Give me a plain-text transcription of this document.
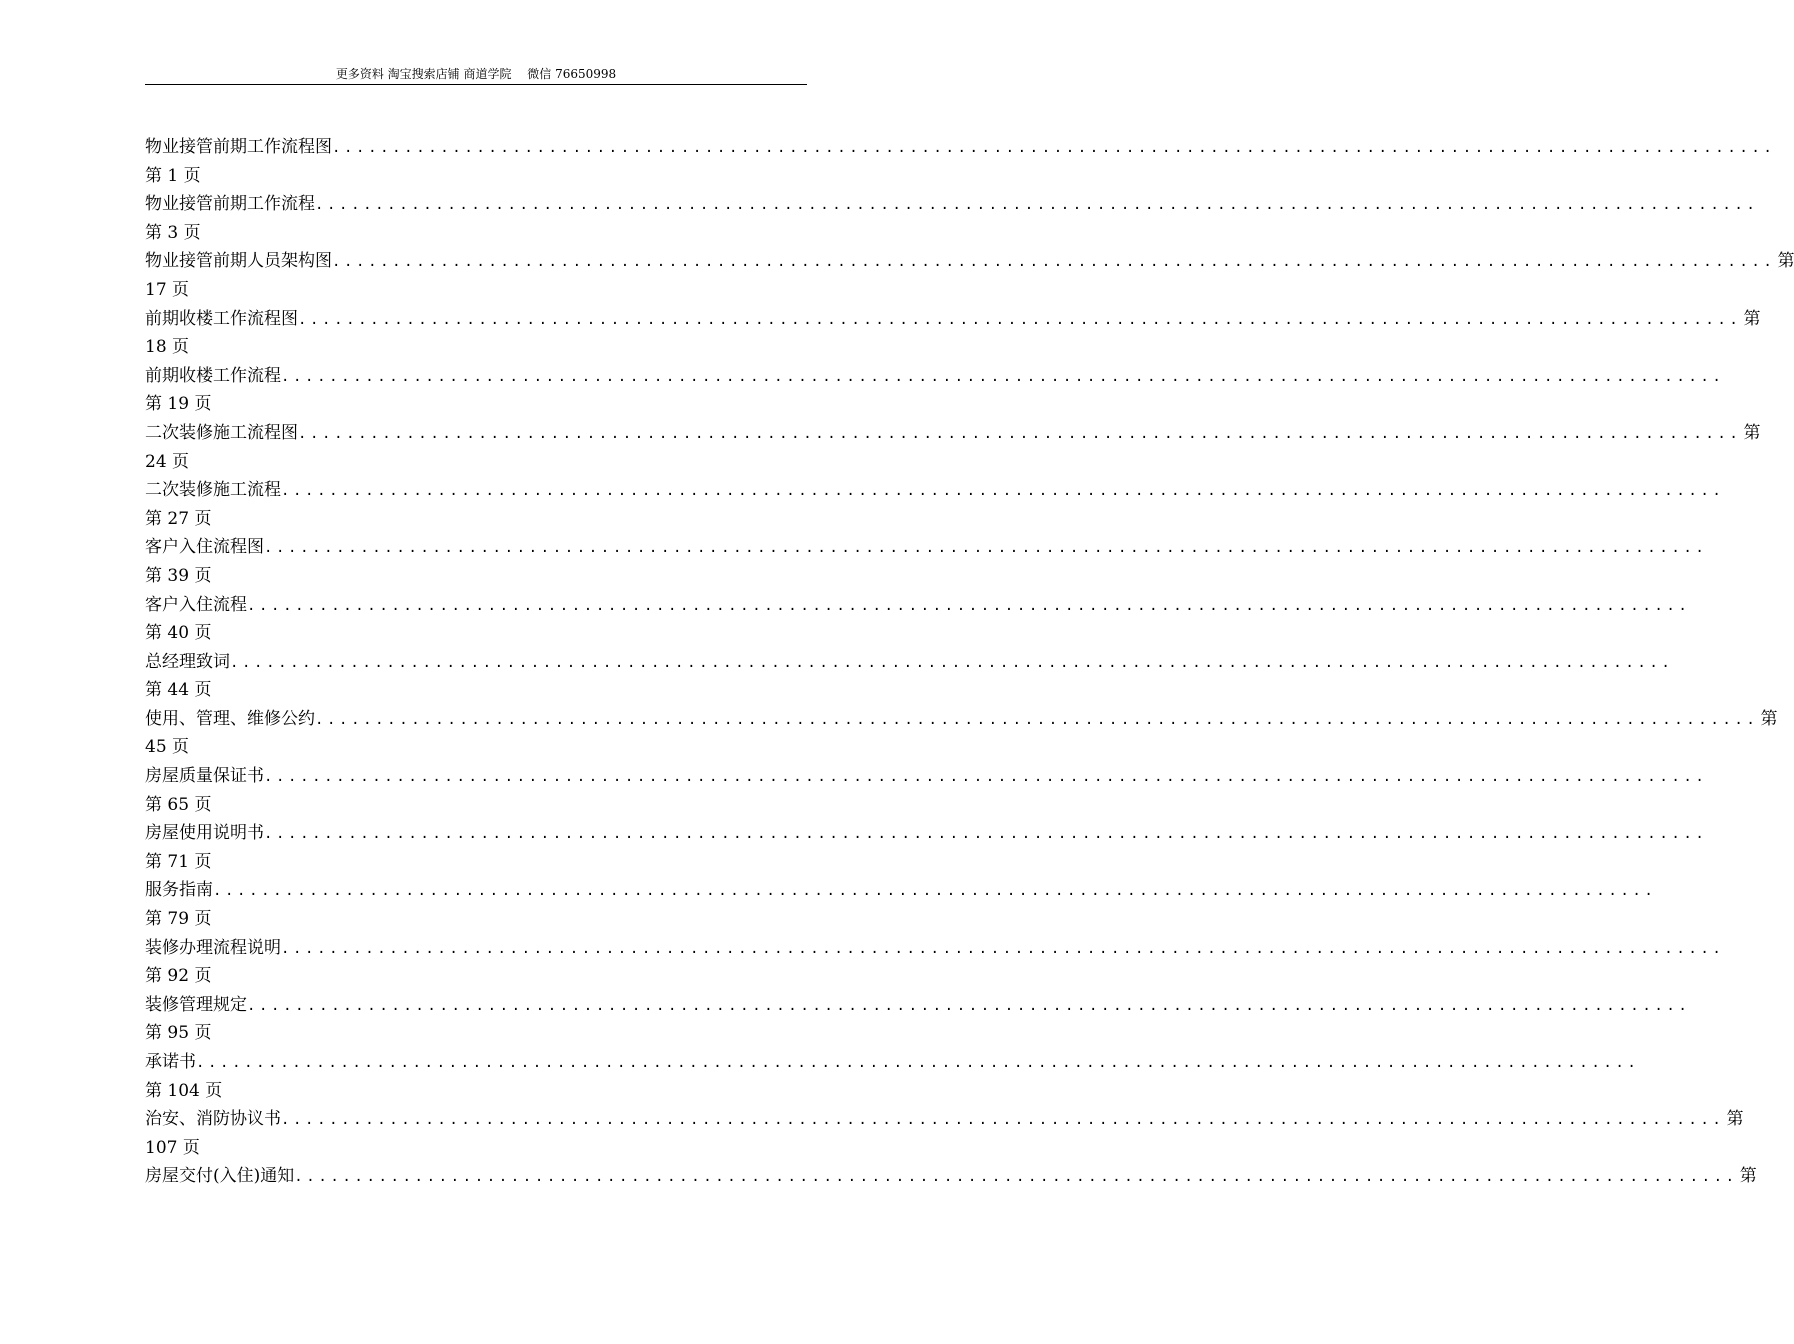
更多资料 淘宝搜索店铺 商道学院　 微信 76650998
物业接管前期工作流程图 ........................................................................................................................
第 1 页
物业接管前期工作流程 ........................................................................................................................
第 3 页
物业接管前期人员架构图 ........................................................................................................................ 第
17 页
前期收楼工作流程图 ........................................................................................................................ 第
18 页
前期收楼工作流程 ........................................................................................................................
第 19 页
二次装修施工流程图 ........................................................................................................................ 第
24 页
二次装修施工流程 ........................................................................................................................
第 27 页
客户入住流程图 ........................................................................................................................
第 39 页
客户入住流程 ........................................................................................................................
第 40 页
总经理致词 ........................................................................................................................
第 44 页
使用、管理、维修公约 ........................................................................................................................ 第
45 页
房屋质量保证书 ........................................................................................................................
第 65 页
房屋使用说明书 ........................................................................................................................
第 71 页
服务指南 ........................................................................................................................
第 79 页
装修办理流程说明 ........................................................................................................................
第 92 页
装修管理规定 ........................................................................................................................
第 95 页
承诺书 ........................................................................................................................
第 104 页
治安、消防协议书 ........................................................................................................................ 第
107 页
房屋交付(入住)通知 ........................................................................................................................ 第
